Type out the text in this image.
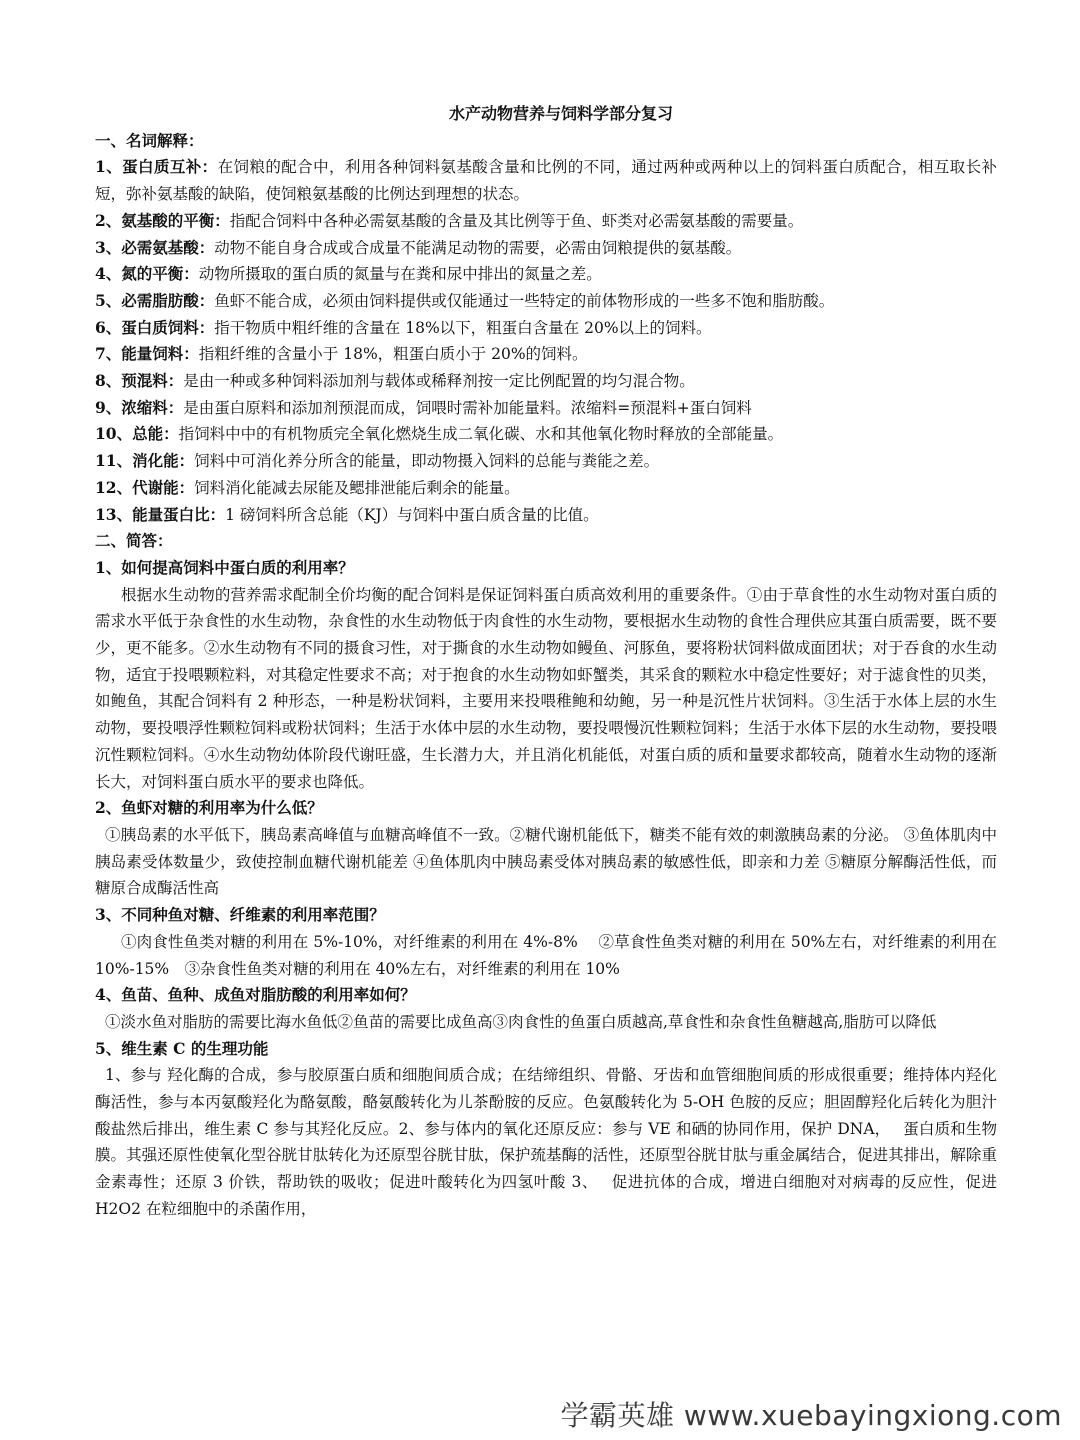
水产动物营养与饲料学部分复习

一、名词解释：

1、蛋白质互补：在饲粮的配合中，利用各种饲料氨基酸含量和比例的不同，通过两种或两种以上的饲料蛋白质配合，相互取长补短，弥补氨基酸的缺陷，使饲粮氨基酸的比例达到理想的状态。

2、氨基酸的平衡：指配合饲料中各种必需氨基酸的含量及其比例等于鱼、虾类对必需氨基酸的需要量。

3、必需氨基酸：动物不能自身合成或合成量不能满足动物的需要，必需由饲粮提供的氨基酸。

4、氮的平衡：动物所摄取的蛋白质的氮量与在粪和尿中排出的氮量之差。

5、必需脂肪酸：鱼虾不能合成，必须由饲料提供或仅能通过一些特定的前体物形成的一些多不饱和脂肪酸。

6、蛋白质饲料：指干物质中粗纤维的含量在 18%以下，粗蛋白含量在 20%以上的饲料。

7、能量饲料：指粗纤维的含量小于 18%，粗蛋白质小于 20%的饲料。

8、预混料：是由一种或多种饲料添加剂与载体或稀释剂按一定比例配置的均匀混合物。

9、浓缩料：是由蛋白原料和添加剂预混而成，饲喂时需补加能量料。浓缩料=预混料+蛋白饲料

10、总能：指饲料中中的有机物质完全氧化燃烧生成二氧化碳、水和其他氧化物时释放的全部能量。

11、消化能：饲料中可消化养分所含的能量，即动物摄入饲料的总能与粪能之差。

12、代谢能：饲料消化能减去尿能及鳃排泄能后剩余的能量。

13、能量蛋白比：1 磅饲料所含总能（KJ）与饲料中蛋白质含量的比值。

二、简答：

1、如何提高饲料中蛋白质的利用率？

根据水生动物的营养需求配制全价均衡的配合饲料是保证饲料蛋白质高效利用的重要条件。①由于草食性的水生动物对蛋白质的需求水平低于杂食性的水生动物，杂食性的水生动物低于肉食性的水生动物，要根据水生动物的食性合理供应其蛋白质需要，既不要少，更不能多。②水生动物有不同的摄食习性，对于撕食的水生动物如鳗鱼、河豚鱼，要将粉状饲料做成面团状；对于吞食的水生动物，适宜于投喂颗粒料，对其稳定性要求不高；对于抱食的水生动物如虾蟹类，其采食的颗粒水中稳定性要好；对于滤食性的贝类，如鲍鱼，其配合饲料有 2 种形态，一种是粉状饲料，主要用来投喂稚鲍和幼鲍，另一种是沉性片状饲料。③生活于水体上层的水生动物，要投喂浮性颗粒饲料或粉状饲料；生活于水体中层的水生动物，要投喂慢沉性颗粒饲料；生活于水体下层的水生动物，要投喂沉性颗粒饲料。④水生动物幼体阶段代谢旺盛，生长潜力大，并且消化机能低，对蛋白质的质和量要求都较高，随着水生动物的逐渐长大，对饲料蛋白质水平的要求也降低。

2、鱼虾对糖的利用率为什么低？

①胰岛素的水平低下，胰岛素高峰值与血糖高峰值不一致。②糖代谢机能低下，糖类不能有效的刺激胰岛素的分泌。 ③鱼体肌肉中胰岛素受体数量少，致使控制血糖代谢机能差 ④鱼体肌肉中胰岛素受体对胰岛素的敏感性低，即亲和力差 ⑤糖原分解酶活性低，而糖原合成酶活性高

3、不同种鱼对糖、纤维素的利用率范围？

①肉食性鱼类对糖的利用在 5%-10%，对纤维素的利用在 4%-8%　 ②草食性鱼类对糖的利用在 50%左右，对纤维素的利用在 10%-15%　③杂食性鱼类对糖的利用在 40%左右，对纤维素的利用在 10%

4、鱼苗、鱼种、成鱼对脂肪酸的利用率如何？

①淡水鱼对脂肪的需要比海水鱼低②鱼苗的需要比成鱼高③肉食性的鱼蛋白质越高,草食性和杂食性鱼糖越高,脂肪可以降低

5、维生素 C 的生理功能

1、参与 羟化酶的合成，参与胶原蛋白质和细胞间质合成；在结缔组织、骨骼、牙齿和血管细胞间质的形成很重要；维持体内羟化酶活性，参与本丙氨酸羟化为酪氨酸，酪氨酸转化为儿茶酚胺的反应。色氨酸转化为 5-OH 色胺的反应；胆固醇羟化后转化为胆汁酸盐然后排出，维生素 C 参与其羟化反应。2、参与体内的氧化还原反应：参与 VE 和硒的协同作用，保护 DNA，　 蛋白质和生物膜。其强还原性使氧化型谷胱甘肽转化为还原型谷胱甘肽，保护巯基酶的活性，还原型谷胱甘肽与重金属结合，促进其排出，解除重金素毒性；还原 3 价铁，帮助铁的吸收；促进叶酸转化为四氢叶酸 3、　 促进抗体的合成，增进白细胞对对病毒的反应性，促进 H2O2 在粒细胞中的杀菌作用，

学霸英雄 www.xuebayingxiong.com
